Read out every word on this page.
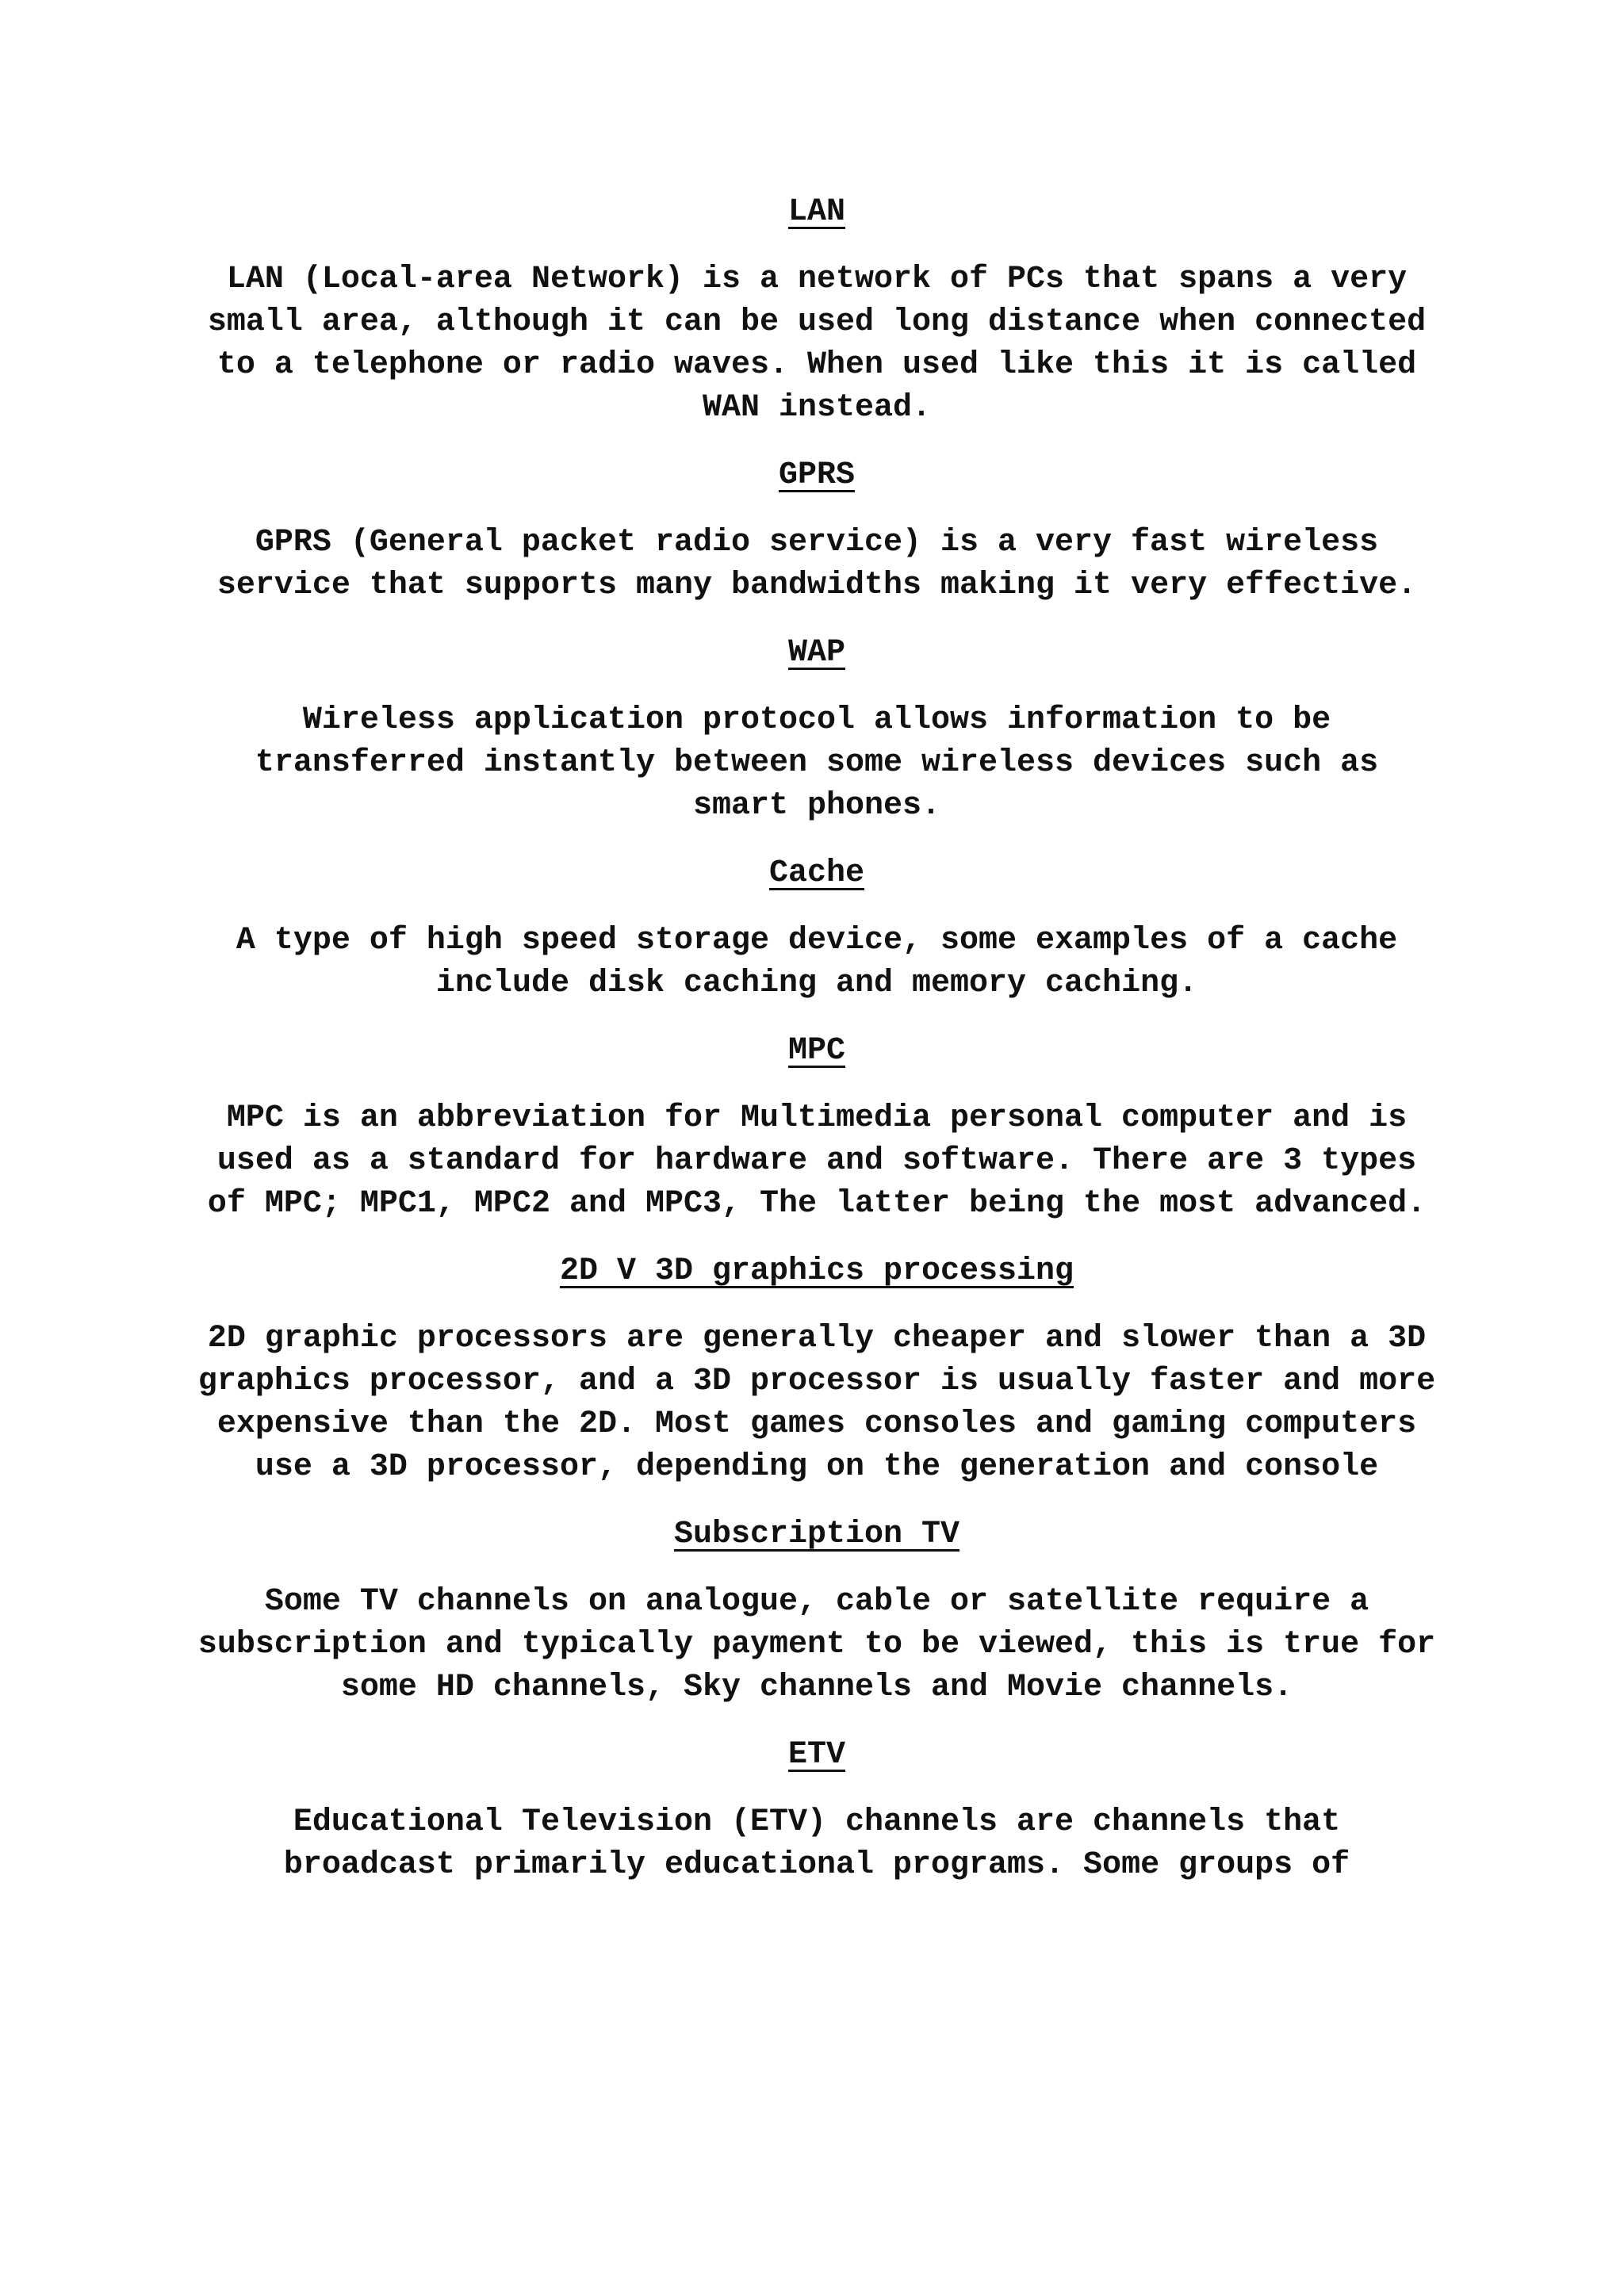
LAN
LAN (Local-area Network) is a network of PCs that spans a very small area, although it can be used long distance when connected to a telephone or radio waves. When used like this it is called WAN instead.
GPRS
GPRS (General packet radio service) is a very fast wireless service that supports many bandwidths making it very effective.
WAP
Wireless application protocol allows information to be transferred instantly between some wireless devices such as smart phones.
Cache
A type of high speed storage device, some examples of a cache include disk caching and memory caching.
MPC
MPC is an abbreviation for Multimedia personal computer and is used as a standard for hardware and software. There are 3 types of MPC; MPC1, MPC2 and MPC3, The latter being the most advanced.
2D V 3D graphics processing
2D graphic processors are generally cheaper and slower than a 3D graphics processor, and a 3D processor is usually faster and more expensive than the 2D. Most games consoles and gaming computers use a 3D processor, depending on the generation and console
Subscription TV
Some TV channels on analogue, cable or satellite require a subscription and typically payment to be viewed, this is true for some HD channels, Sky channels and Movie channels.
ETV
Educational Television (ETV) channels are channels that broadcast primarily educational programs. Some groups of
